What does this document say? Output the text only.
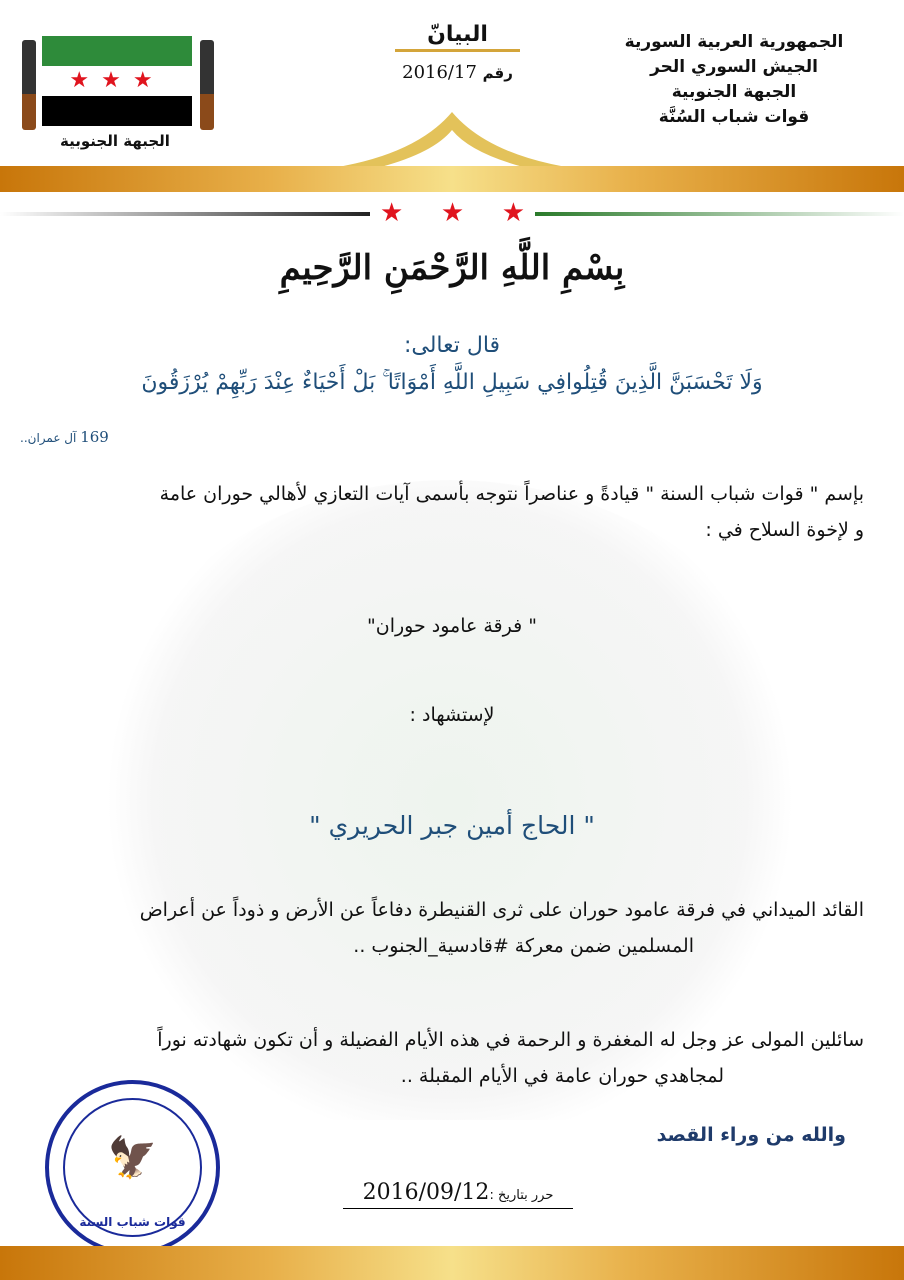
★★★
الجبهة الجنوبية
البيانّ
رقم 2016/17
الجمهورية العربية السورية
الجيش السوري الحر
الجبهة الجنوبية
قوات شباب السُنَّة
★ ★ ★
بِسْمِ اللَّهِ الرَّحْمَنِ الرَّحِيمِ
قال تعالى:
وَلَا تَحْسَبَنَّ الَّذِينَ قُتِلُوافِي سَبِيلِ اللَّهِ أَمْوَاتًا ۚ بَلْ أَحْيَاءٌ عِنْدَ رَبِّهِمْ يُرْزَقُونَ
169 آل عمران..
بإسم " قوات شباب السنة " قيادةً و عناصراً نتوجه بأسمى آيات التعازي لأهالي حوران عامة
و لإخوة السلاح في :
" فرقة عامود حوران"
لإستشهاد :
" الحاج أمين جبر الحريري "
القائد الميداني في فرقة عامود حوران على ثرى القنيطرة دفاعاً عن الأرض و ذوداً عن أعراض
المسلمين ضمن معركة #قادسية_الجنوب ..
سائلين المولى عز وجل له المغفرة و الرحمة في هذه الأيام الفضيلة و أن تكون شهادته نوراً
لمجاهدي حوران عامة في الأيام المقبلة ..
🦅
قوات شباب السنة
والله من وراء القصد
حرر بتاريخ :2016/09/12
